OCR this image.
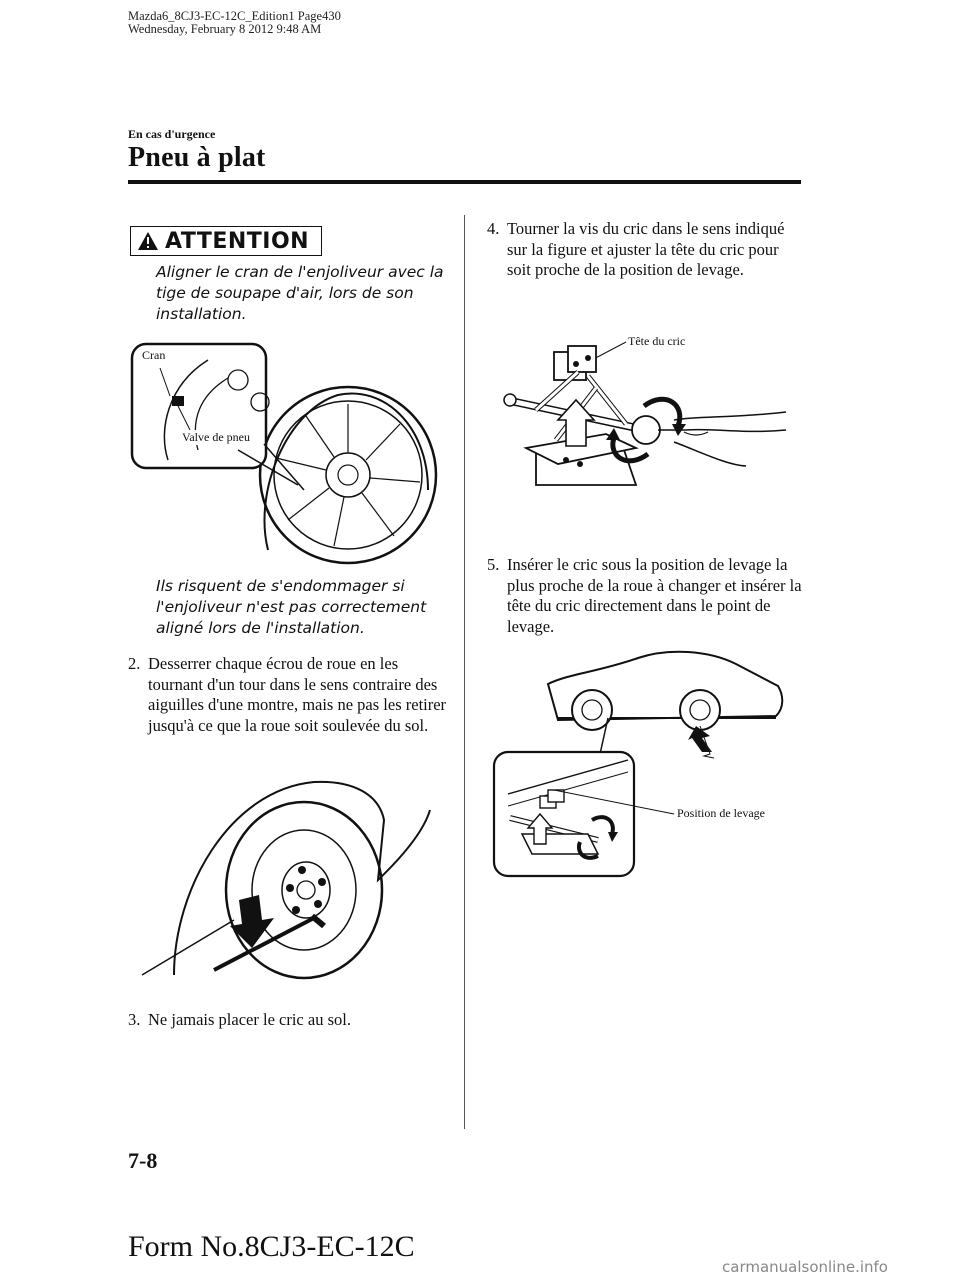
Mazda6_8CJ3-EC-12C_Edition1 Page430
Wednesday, February 8 2012 9:48 AM
En cas d'urgence
Pneu à plat
ATTENTION
Aligner le cran de l'enjoliveur avec la tige de soupape d'air, lors de son installation.
Cran
Valve de pneu
Ils risquent de s'endommager si l'enjoliveur n'est pas correctement aligné lors de l'installation.
2. Desserrer chaque écrou de roue en les tournant d'un tour dans le sens contraire des aiguilles d'une montre, mais ne pas les retirer jusqu'à ce que la roue soit soulevée du sol.
3. Ne jamais placer le cric au sol.
4. Tourner la vis du cric dans le sens indiqué sur la figure et ajuster la tête du cric pour soit proche de la position de levage.
Tête du cric
5. Insérer le cric sous la position de levage la plus proche de la roue à changer et insérer la tête du cric directement dans le point de levage.
Position de levage
7-8
Form No.8CJ3-EC-12C
carmanualsonline.info
